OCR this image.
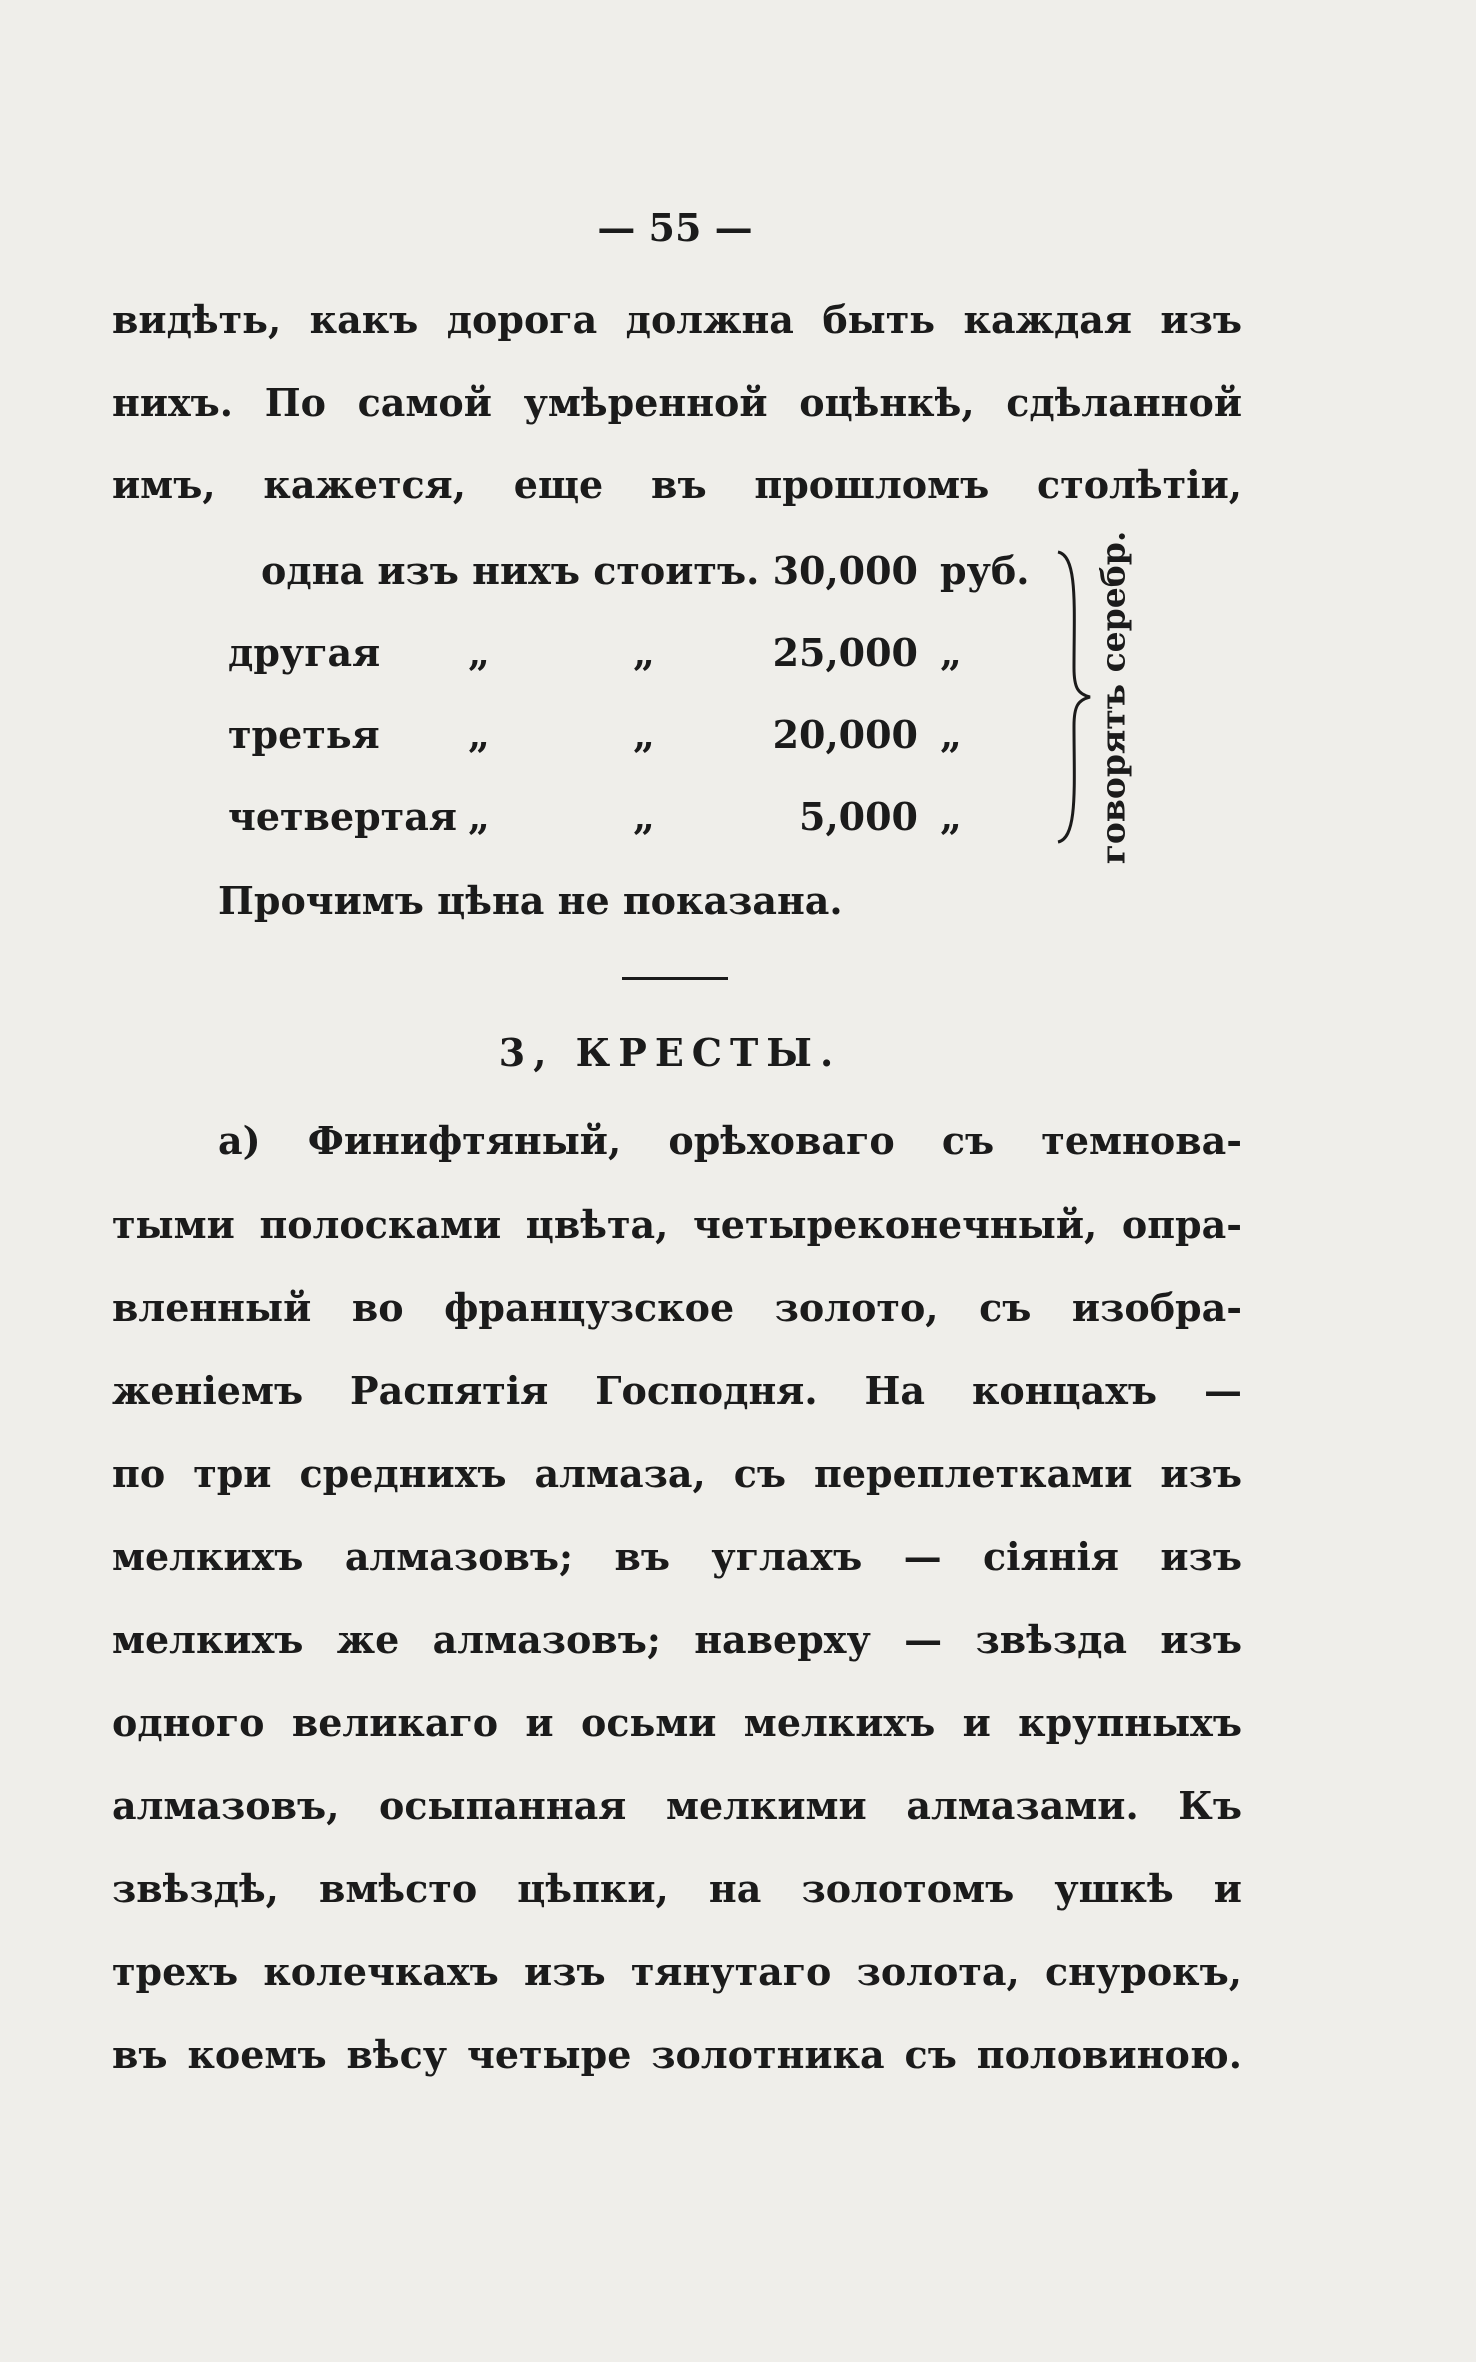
— 55 —
видѣть, какъ дорога должна быть каждая изъ
нихъ. По самой умѣренной оцѣнкѣ, сдѣланной
имъ, кажется, еще въ прошломъ столѣтіи,
одна изъ нихъ стоитъ. 30,000 руб.
другая „	„	25,000 „
третья „	„	20,000 „
четвертая „	„	5,000 „	говорятъ серебр.
Прочимъ цѣна не показана.
3, КРЕСТЫ.
а) Финифтяный, орѣховаго съ темнова-
тыми полосками цвѣта, четыреконечный, опра-
вленный во французское золото, съ изобра-
женіемъ Распятія Господня. На концахъ —
по три среднихъ алмаза, съ переплетками изъ
мелкихъ алмазовъ; въ углахъ — сіянія изъ
мелкихъ же алмазовъ; наверху — звѣзда изъ
одного великаго и осьми мелкихъ и крупныхъ
алмазовъ, осыпанная мелкими алмазами. Къ
звѣздѣ, вмѣсто цѣпки, на золотомъ ушкѣ и
трехъ колечкахъ изъ тянутаго золота, снурокъ,
въ коемъ вѣсу четыре золотника съ половиною.
